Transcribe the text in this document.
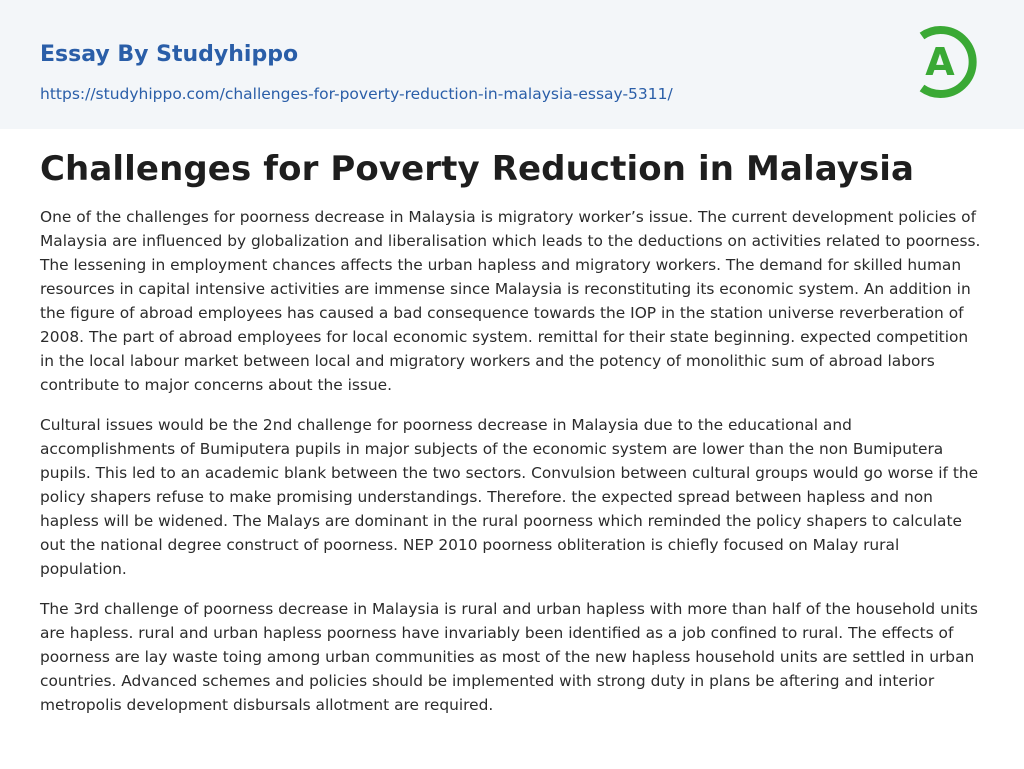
Essay By Studyhippo
https://studyhippo.com/challenges-for-poverty-reduction-in-malaysia-essay-5311/
A
Challenges for Poverty Reduction in Malaysia

One of the challenges for poorness decrease in Malaysia is migratory worker’s issue. The current development policies of Malaysia are influenced by globalization and liberalisation which leads to the deductions on activities related to poorness. The lessening in employment chances affects the urban hapless and migratory workers. The demand for skilled human resources in capital intensive activities are immense since Malaysia is reconstituting its economic system. An addition in the figure of abroad employees has caused a bad consequence towards the IOP in the station universe reverberation of 2008. The part of abroad employees for local economic system. remittal for their state beginning. expected competition in the local labour market between local and migratory workers and the potency of monolithic sum of abroad labors contribute to major concerns about the issue.

Cultural issues would be the 2nd challenge for poorness decrease in Malaysia due to the educational and accomplishments of Bumiputera pupils in major subjects of the economic system are lower than the non Bumiputera pupils. This led to an academic blank between the two sectors. Convulsion between cultural groups would go worse if the policy shapers refuse to make promising understandings. Therefore. the expected spread between hapless and non hapless will be widened. The Malays are dominant in the rural poorness which reminded the policy shapers to calculate out the national degree construct of poorness. NEP 2010 poorness obliteration is chiefly focused on Malay rural population.

The 3rd challenge of poorness decrease in Malaysia is rural and urban hapless with more than half of the household units are hapless. rural and urban hapless poorness have invariably been identified as a job confined to rural. The effects of poorness are lay waste toing among urban communities as most of the new hapless household units are settled in urban countries. Advanced schemes and policies should be implemented with strong duty in plans be aftering and interior metropolis development disbursals allotment are required.
